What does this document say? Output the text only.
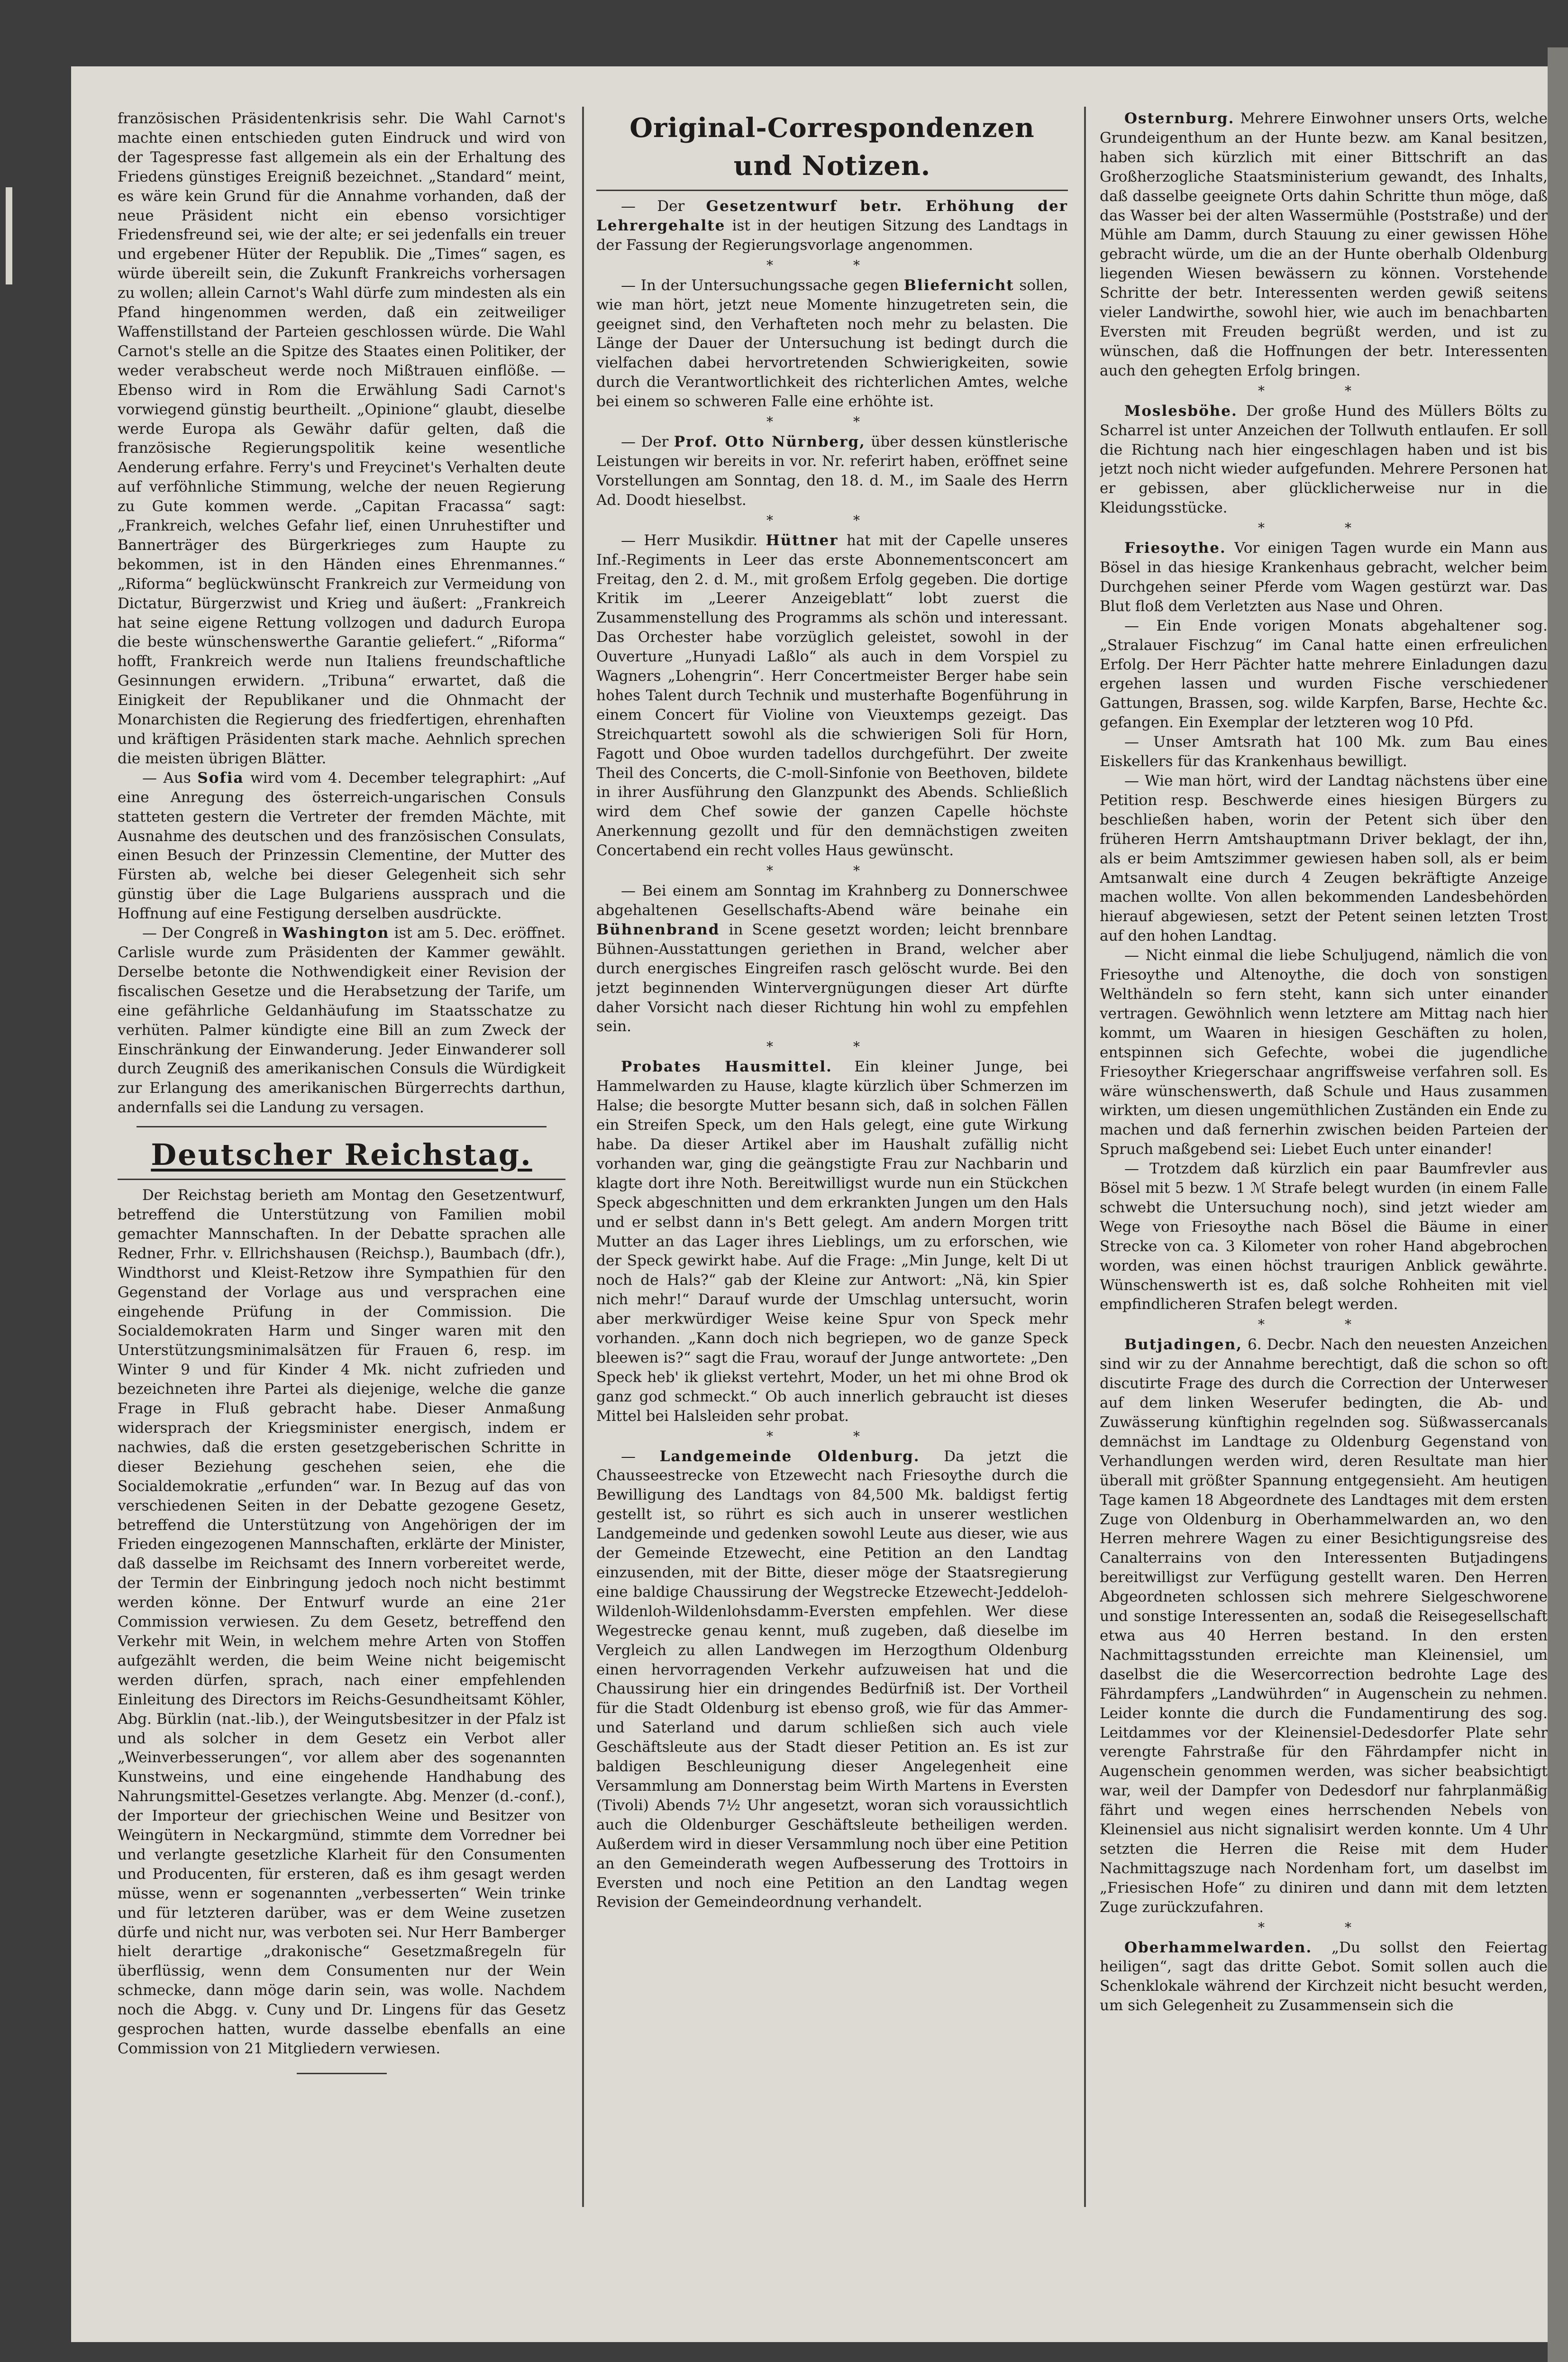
französischen Präsidentenkrisis sehr. Die Wahl Carnot's machte einen entschieden guten Eindruck und wird von der Tagespresse fast allgemein als ein der Erhaltung des Friedens günstiges Ereigniß bezeichnet. „Standard“ meint, es wäre kein Grund für die Annahme vorhanden, daß der neue Präsident nicht ein ebenso vorsichtiger Friedensfreund sei, wie der alte; er sei jedenfalls ein treuer und ergebener Hüter der Republik. Die „Times“ sagen, es würde übereilt sein, die Zukunft Frankreichs vorhersagen zu wollen; allein Carnot's Wahl dürfe zum mindesten als ein Pfand hingenommen werden, daß ein zeitweiliger Waffenstillstand der Parteien geschlossen würde. Die Wahl Carnot's stelle an die Spitze des Staates einen Politiker, der weder verabscheut werde noch Mißtrauen einflöße. — Ebenso wird in Rom die Erwählung Sadi Carnot's vorwiegend günstig beurtheilt. „Opinione“ glaubt, dieselbe werde Europa als Gewähr dafür gelten, daß die französische Regierungspolitik keine wesentliche Aenderung erfahre. Ferry's und Freycinet's Verhalten deute auf verföhnliche Stimmung, welche der neuen Regierung zu Gute kommen werde. „Capitan Fracassa“ sagt: „Frankreich, welches Gefahr lief, einen Unruhestifter und Bannerträger des Bürgerkrieges zum Haupte zu bekommen, ist in den Händen eines Ehrenmannes.“ „Riforma“ beglückwünscht Frankreich zur Vermeidung von Dictatur, Bürgerzwist und Krieg und äußert: „Frankreich hat seine eigene Rettung vollzogen und dadurch Europa die beste wünschenswerthe Garantie geliefert.“ „Riforma“ hofft, Frankreich werde nun Italiens freundschaftliche Gesinnungen erwidern. „Tribuna“ erwartet, daß die Einigkeit der Republikaner und die Ohnmacht der Monarchisten die Regierung des friedfertigen, ehrenhaften und kräftigen Präsidenten stark mache. Aehnlich sprechen die meisten übrigen Blätter.

— Aus Sofia wird vom 4. December telegraphirt: „Auf eine Anregung des österreich-ungarischen Consuls statteten gestern die Vertreter der fremden Mächte, mit Ausnahme des deutschen und des französischen Consulats, einen Besuch der Prinzessin Clementine, der Mutter des Fürsten ab, welche bei dieser Gelegenheit sich sehr günstig über die Lage Bulgariens aussprach und die Hoffnung auf eine Festigung derselben ausdrückte.

— Der Congreß in Washington ist am 5. Dec. eröffnet. Carlisle wurde zum Präsidenten der Kammer gewählt. Derselbe betonte die Nothwendigkeit einer Revision der fiscalischen Gesetze und die Herabsetzung der Tarife, um eine gefährliche Geldanhäufung im Staatsschatze zu verhüten. Palmer kündigte eine Bill an zum Zweck der Einschränkung der Einwanderung. Jeder Einwanderer soll durch Zeugniß des amerikanischen Consuls die Würdigkeit zur Erlangung des amerikanischen Bürgerrechts darthun, andernfalls sei die Landung zu versagen.

Deutscher Reichstag.

Der Reichstag berieth am Montag den Gesetzentwurf, betreffend die Unterstützung von Familien mobil gemachter Mannschaften. In der Debatte sprachen alle Redner, Frhr. v. Ellrichshausen (Reichsp.), Baumbach (dfr.), Windthorst und Kleist-Retzow ihre Sympathien für den Gegenstand der Vorlage aus und versprachen eine eingehende Prüfung in der Commission. Die Socialdemokraten Harm und Singer waren mit den Unterstützungsminimalsätzen für Frauen 6, resp. im Winter 9 und für Kinder 4 Mk. nicht zufrieden und bezeichneten ihre Partei als diejenige, welche die ganze Frage in Fluß gebracht habe. Dieser Anmaßung widersprach der Kriegsminister energisch, indem er nachwies, daß die ersten gesetzgeberischen Schritte in dieser Beziehung geschehen seien, ehe die Socialdemokratie „erfunden“ war. In Bezug auf das von verschiedenen Seiten in der Debatte gezogene Gesetz, betreffend die Unterstützung von Angehörigen der im Frieden eingezogenen Mannschaften, erklärte der Minister, daß dasselbe im Reichsamt des Innern vorbereitet werde, der Termin der Einbringung jedoch noch nicht bestimmt werden könne. Der Entwurf wurde an eine 21er Commission verwiesen. Zu dem Gesetz, betreffend den Verkehr mit Wein, in welchem mehre Arten von Stoffen aufgezählt werden, die beim Weine nicht beigemischt werden dürfen, sprach, nach einer empfehlenden Einleitung des Directors im Reichs-Gesundheitsamt Köhler, Abg. Bürklin (nat.-lib.), der Weingutsbesitzer in der Pfalz ist und als solcher in dem Gesetz ein Verbot aller „Weinverbesserungen“, vor allem aber des sogenannten Kunstweins, und eine eingehende Handhabung des Nahrungsmittel-Gesetzes verlangte. Abg. Menzer (d.-conf.), der Importeur der griechischen Weine und Besitzer von Weingütern in Neckargmünd, stimmte dem Vorredner bei und verlangte gesetzliche Klarheit für den Consumenten und Producenten, für ersteren, daß es ihm gesagt werden müsse, wenn er sogenannten „verbesserten“ Wein trinke und für letzteren darüber, was er dem Weine zusetzen dürfe und nicht nur, was verboten sei. Nur Herr Bamberger hielt derartige „drakonische“ Gesetzmaßregeln für überflüssig, wenn dem Consumenten nur der Wein schmecke, dann möge darin sein, was wolle. Nachdem noch die Abgg. v. Cuny und Dr. Lingens für das Gesetz gesprochen hatten, wurde dasselbe ebenfalls an eine Commission von 21 Mitgliedern verwiesen.

Original-Correspondenzen und Notizen.

— Der Gesetzentwurf betr. Erhöhung der Lehrergehalte ist in der heutigen Sitzung des Landtags in der Fassung der Regierungsvorlage angenommen.

* *

— In der Untersuchungssache gegen Bliefernicht sollen, wie man hört, jetzt neue Momente hinzugetreten sein, die geeignet sind, den Verhafteten noch mehr zu belasten. Die Länge der Dauer der Untersuchung ist bedingt durch die vielfachen dabei hervortretenden Schwierigkeiten, sowie durch die Verantwortlichkeit des richterlichen Amtes, welche bei einem so schweren Falle eine erhöhte ist.

* *

— Der Prof. Otto Nürnberg, über dessen künstlerische Leistungen wir bereits in vor. Nr. referirt haben, eröffnet seine Vorstellungen am Sonntag, den 18. d. M., im Saale des Herrn Ad. Doodt hieselbst.

* *

— Herr Musikdir. Hüttner hat mit der Capelle unseres Inf.-Regiments in Leer das erste Abonnementsconcert am Freitag, den 2. d. M., mit großem Erfolg gegeben. Die dortige Kritik im „Leerer Anzeigeblatt“ lobt zuerst die Zusammenstellung des Programms als schön und interessant. Das Orchester habe vorzüglich geleistet, sowohl in der Ouverture „Hunyadi Laßlo“ als auch in dem Vorspiel zu Wagners „Lohengrin“. Herr Concertmeister Berger habe sein hohes Talent durch Technik und musterhafte Bogenführung in einem Concert für Violine von Vieuxtemps gezeigt. Das Streichquartett sowohl als die schwierigen Soli für Horn, Fagott und Oboe wurden tadellos durchgeführt. Der zweite Theil des Concerts, die C-moll-Sinfonie von Beethoven, bildete in ihrer Ausführung den Glanzpunkt des Abends. Schließlich wird dem Chef sowie der ganzen Capelle höchste Anerkennung gezollt und für den demnächstigen zweiten Concertabend ein recht volles Haus gewünscht.

* *

— Bei einem am Sonntag im Krahnberg zu Donnerschwee abgehaltenen Gesellschafts-Abend wäre beinahe ein Bühnenbrand in Scene gesetzt worden; leicht brennbare Bühnen-Ausstattungen geriethen in Brand, welcher aber durch energisches Eingreifen rasch gelöscht wurde. Bei den jetzt beginnenden Wintervergnügungen dieser Art dürfte daher Vorsicht nach dieser Richtung hin wohl zu empfehlen sein.

* *

Probates Hausmittel. Ein kleiner Junge, bei Hammelwarden zu Hause, klagte kürzlich über Schmerzen im Halse; die besorgte Mutter besann sich, daß in solchen Fällen ein Streifen Speck, um den Hals gelegt, eine gute Wirkung habe. Da dieser Artikel aber im Haushalt zufällig nicht vorhanden war, ging die geängstigte Frau zur Nachbarin und klagte dort ihre Noth. Bereitwilligst wurde nun ein Stückchen Speck abgeschnitten und dem erkrankten Jungen um den Hals und er selbst dann in's Bett gelegt. Am andern Morgen tritt Mutter an das Lager ihres Lieblings, um zu erforschen, wie der Speck gewirkt habe. Auf die Frage: „Min Junge, kelt Di ut noch de Hals?“ gab der Kleine zur Antwort: „Nä, kin Spier nich mehr!“ Darauf wurde der Umschlag untersucht, worin aber merkwürdiger Weise keine Spur von Speck mehr vorhanden. „Kann doch nich begriepen, wo de ganze Speck bleewen is?“ sagt die Frau, worauf der Junge antwortete: „Den Speck heb' ik gliekst vertehrt, Moder, un het mi ohne Brod ok ganz god schmeckt.“ Ob auch innerlich gebraucht ist dieses Mittel bei Halsleiden sehr probat.

* *

— Landgemeinde Oldenburg. Da jetzt die Chausseestrecke von Etzewecht nach Friesoythe durch die Bewilligung des Landtags von 84,500 Mk. baldigst fertig gestellt ist, so rührt es sich auch in unserer westlichen Landgemeinde und gedenken sowohl Leute aus dieser, wie aus der Gemeinde Etzewecht, eine Petition an den Landtag einzusenden, mit der Bitte, dieser möge der Staatsregierung eine baldige Chaussirung der Wegstrecke Etzewecht-Jeddeloh-Wildenloh-Wildenlohsdamm-Eversten empfehlen. Wer diese Wegestrecke genau kennt, muß zugeben, daß dieselbe im Vergleich zu allen Landwegen im Herzogthum Oldenburg einen hervorragenden Verkehr aufzuweisen hat und die Chaussirung hier ein dringendes Bedürfniß ist. Der Vortheil für die Stadt Oldenburg ist ebenso groß, wie für das Ammer- und Saterland und darum schließen sich auch viele Geschäftsleute aus der Stadt dieser Petition an. Es ist zur baldigen Beschleunigung dieser Angelegenheit eine Versammlung am Donnerstag beim Wirth Martens in Eversten (Tivoli) Abends 7½ Uhr angesetzt, woran sich voraussichtlich auch die Oldenburger Geschäftsleute betheiligen werden. Außerdem wird in dieser Versammlung noch über eine Petition an den Gemeinderath wegen Aufbesserung des Trottoirs in Eversten und noch eine Petition an den Landtag wegen Revision der Gemeindeordnung verhandelt.

Osternburg. Mehrere Einwohner unsers Orts, welche Grundeigenthum an der Hunte bezw. am Kanal besitzen, haben sich kürzlich mit einer Bittschrift an das Großherzogliche Staatsministerium gewandt, des Inhalts, daß dasselbe geeignete Orts dahin Schritte thun möge, daß das Wasser bei der alten Wassermühle (Poststraße) und der Mühle am Damm, durch Stauung zu einer gewissen Höhe gebracht würde, um die an der Hunte oberhalb Oldenburg liegenden Wiesen bewässern zu können. Vorstehende Schritte der betr. Interessenten werden gewiß seitens vieler Landwirthe, sowohl hier, wie auch im benachbarten Eversten mit Freuden begrüßt werden, und ist zu wünschen, daß die Hoffnungen der betr. Interessenten auch den gehegten Erfolg bringen.

* *

Moslesböhe. Der große Hund des Müllers Bölts zu Scharrel ist unter Anzeichen der Tollwuth entlaufen. Er soll die Richtung nach hier eingeschlagen haben und ist bis jetzt noch nicht wieder aufgefunden. Mehrere Personen hat er gebissen, aber glücklicherweise nur in die Kleidungsstücke.

* *

Friesoythe. Vor einigen Tagen wurde ein Mann aus Bösel in das hiesige Krankenhaus gebracht, welcher beim Durchgehen seiner Pferde vom Wagen gestürzt war. Das Blut floß dem Verletzten aus Nase und Ohren.

— Ein Ende vorigen Monats abgehaltener sog. „Stralauer Fischzug“ im Canal hatte einen erfreulichen Erfolg. Der Herr Pächter hatte mehrere Einladungen dazu ergehen lassen und wurden Fische verschiedener Gattungen, Brassen, sog. wilde Karpfen, Barse, Hechte &c. gefangen. Ein Exemplar der letzteren wog 10 Pfd.

— Unser Amtsrath hat 100 Mk. zum Bau eines Eiskellers für das Krankenhaus bewilligt.

— Wie man hört, wird der Landtag nächstens über eine Petition resp. Beschwerde eines hiesigen Bürgers zu beschließen haben, worin der Petent sich über den früheren Herrn Amtshauptmann Driver beklagt, der ihn, als er beim Amtszimmer gewiesen haben soll, als er beim Amtsanwalt eine durch 4 Zeugen bekräftigte Anzeige machen wollte. Von allen bekommenden Landesbehörden hierauf abgewiesen, setzt der Petent seinen letzten Trost auf den hohen Landtag.

— Nicht einmal die liebe Schuljugend, nämlich die von Friesoythe und Altenoythe, die doch von sonstigen Welthändeln so fern steht, kann sich unter einander vertragen. Gewöhnlich wenn letztere am Mittag nach hier kommt, um Waaren in hiesigen Geschäften zu holen, entspinnen sich Gefechte, wobei die jugendliche Friesoyther Kriegerschaar angriffsweise verfahren soll. Es wäre wünschenswerth, daß Schule und Haus zusammen wirkten, um diesen ungemüthlichen Zuständen ein Ende zu machen und daß fernerhin zwischen beiden Parteien der Spruch maßgebend sei: Liebet Euch unter einander!

— Trotzdem daß kürzlich ein paar Baumfrevler aus Bösel mit 5 bezw. 1 ℳ Strafe belegt wurden (in einem Falle schwebt die Untersuchung noch), sind jetzt wieder am Wege von Friesoythe nach Bösel die Bäume in einer Strecke von ca. 3 Kilometer von roher Hand abgebrochen worden, was einen höchst traurigen Anblick gewährte. Wünschenswerth ist es, daß solche Rohheiten mit viel empfindlicheren Strafen belegt werden.

* *

Butjadingen, 6. Decbr. Nach den neuesten Anzeichen sind wir zu der Annahme berechtigt, daß die schon so oft discutirte Frage des durch die Correction der Unterweser auf dem linken Weserufer bedingten, die Ab- und Zuwässerung künftighin regelnden sog. Süßwassercanals demnächst im Landtage zu Oldenburg Gegenstand von Verhandlungen werden wird, deren Resultate man hier überall mit größter Spannung entgegensieht. Am heutigen Tage kamen 18 Abgeordnete des Landtages mit dem ersten Zuge von Oldenburg in Oberhammelwarden an, wo den Herren mehrere Wagen zu einer Besichtigungsreise des Canalterrains von den Interessenten Butjadingens bereitwilligst zur Verfügung gestellt waren. Den Herren Abgeordneten schlossen sich mehrere Sielgeschworene und sonstige Interessenten an, sodaß die Reisegesellschaft etwa aus 40 Herren bestand. In den ersten Nachmittagsstunden erreichte man Kleinensiel, um daselbst die die Wesercorrection bedrohte Lage des Fährdampfers „Landwührden“ in Augenschein zu nehmen. Leider konnte die durch die Fundamentirung des sog. Leitdammes vor der Kleinensiel-Dedesdorfer Plate sehr verengte Fahrstraße für den Fährdampfer nicht in Augenschein genommen werden, was sicher beabsichtigt war, weil der Dampfer von Dedesdorf nur fahrplanmäßig fährt und wegen eines herrschenden Nebels von Kleinensiel aus nicht signalisirt werden konnte. Um 4 Uhr setzten die Herren die Reise mit dem Huder Nachmittagszuge nach Nordenham fort, um daselbst im „Friesischen Hofe“ zu diniren und dann mit dem letzten Zuge zurückzufahren.

* *

Oberhammelwarden. „Du sollst den Feiertag heiligen“, sagt das dritte Gebot. Somit sollen auch die Schenklokale während der Kirchzeit nicht besucht werden, um sich Gelegenheit zu Zusammensein sich die
